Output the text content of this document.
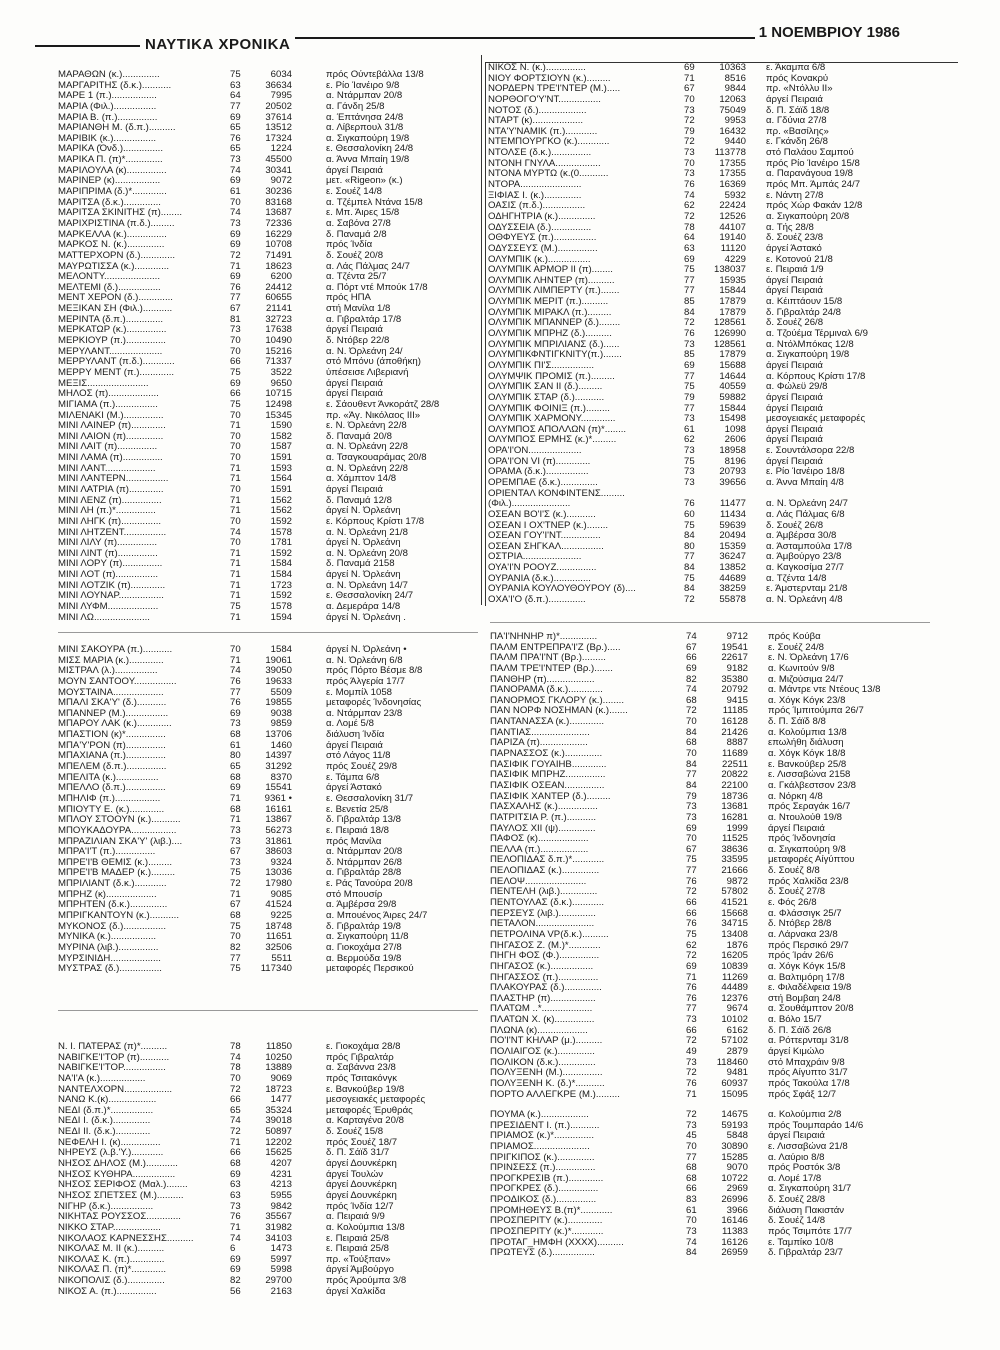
ΝΑΥΤΙΚΑ ΧΡΟΝΙΚΑ
1 ΝΟΕΜΒΡΙΟΥ 1986
ΜΑΡΑΘΩΝ (κ.)..............	75	6034	πρός Ούντεβάλλα 13/8
ΜΑΡΓΑΡΙΤΗΣ (δ.κ.)...........	63	36634	ε. Ρίο Ίανέιρο 9/8
ΜΑΡΕ 1 (π.).................	64	7995	α. Ντάρμπαν 20/8
ΜΑΡΙΑ (Φιλ.)................	77	20502	α. Γάνδη 25/8
ΜΑΡΙΑ Β. (π.)...............	69	37614	α. Έπτάνησα 24/8
ΜΑΡΙΑΝΘΗ Μ. (δ.π.)..........	65	13512	α. Λίβερπουλ 31/8
ΜΑΡΙΒΙΚ (κ.)................	76	17324	α. Σιγκαπούρη 19/8
ΜΑΡΙΚΑ (Όνδ.)...............	65	1224	ε. Θεσσαλονίκη 24/8
ΜΑΡΙΚΑ Π. (π)*..............	73	45500	α. Άννα Μπαίη 19/8
ΜΑΡΙΛΟΥΛΑ (κ)...............	74	30341	άργεί Πειραιά
ΜΑΡΙΝΕΡ (κ).................	69	9072	μετ. «Rigeon» (κ.)
ΜΑΡΙΠΡΙΜΑ (δ.)*.............	61	30236	ε. Σουέζ 14/8
ΜΑΡΙΤΣΑ (δ.κ.)..............	70	83168	α. Τζέμπελ Ντάνα 15/8
ΜΑΡΙΤΣΑ ΣΚΙΝΙΤΗΣ (π)........	74	13687	ε. Μπ. Άιρες 15/8
ΜΑΡΙΧΡΙΣΤΙΝΑ (π.δ.).........	73	72336	α. Σαβόνα 27/8
ΜΑΡΚΕΛΛΑ (κ.)...............	69	16229	δ. Παναμά 2/8
ΜΑΡΚΟΣ Ν. (κ.)..............	69	10708	πρός Ίνδία
ΜΑΤΤΕΡΧΟΡΝ (δ.).............	72	71491	δ. Σουέζ 20/8
ΜΑΥΡΩΤΙΣΣΑ (κ.).............	71	18623	α. Λάς Πάλμας 24/7
ΜΕΛΟΝΤΥ.....................	69	6200	α. Τζέντα 25/7
ΜΕΛΤΕΜΙ (δ.)................	76	24412	α. Πόρτ ντέ Μπούκ 17/8
ΜΕΝΤ ΧΕΡΟΝ (δ.).............	77	60655	πρός ΗΠΑ
ΜΕΞΙΚΑΝ ΣΗ (Φιλ.)...........	67	21141	στή Μανίλα 1/8
ΜΕΡΙΝΤΑ (δ.π.)..............	81	32723	α. Γιβραλτάρ 17/8
ΜΕΡΚΑΤΩΡ (κ.)...............	73	17638	άργεί Πειραιά
ΜΕΡΚΙΟΥΡ (π.)...............	70	10490	δ. Ντόβερ 22/8
ΜΕΡΥΛΑΝΤ....................	70	15216	α. Ν. Όρλεάνη 24/
ΜΕΡΡΥΛΑΝΤ (π.δ.)............	66	71337	στό Μπόνυ (άποθήκη)
ΜΕΡΡΥ ΜΕΝΤ (π.).............	75	3522	ύπέσεισε Λιβεριανή
ΜΕΞΙΣ.......................	69	9650	άργεί Πειραιά
ΜΗΛΟΣ (π)...................	66	10715	άργεί Πειραιά
ΜΙΓΙΑΜΑ (π.)................	75	12498	ε. Σάουθεντ Άνκοράτζ 28/8
ΜΙΛΕΝΑΚΙ (Μ.)...............	70	15345	πρ. «Άγ. Νικόλαος ΙΙΙ»
ΜΙΝΙ ΛΑΪΝΕΡ (π).............	71	1590	ε. Ν. Όρλεάνη 22/8
ΜΙΝΙ ΛΑΪΟΝ (π)..............	70	1582	δ. Παναμά 20/8
ΜΙΝΙ ΛΑΪΤ (π)...............	70	1587	α. Ν. Όρλεάνη 22/8
ΜΙΝΙ ΛΑΜΑ (π)...............	70	1591	α. Τσαγκουαράμας 20/8
ΜΙΝΙ ΛΑΝΤ...................	71	1593	α. Ν. Όρλεάνη 22/8
ΜΙΝΙ ΛΑΝΤΕΡΝ................	71	1564	α. Χάμπτον 14/8
ΜΙΝΙ ΛΑΤΡΙΑ (π).............	70	1591	άργεί Πειραιά
ΜΙΝΙ ΛΕΝΖ (π)...............	71	1562	δ. Παναμά 12/8
ΜΙΝΙ ΛΗ (π.)*...............	71	1562	άργεί Ν. Όρλεάνη
ΜΙΝΙ ΛΗΓΚ (π)...............	70	1592	ε. Κόρπους Κρίστι 17/8
ΜΙΝΙ ΛΗΤΖΕΝΤ................	74	1578	α. Ν. Όρλεάνη 21/8
ΜΙΝΙ ΛΙΛΥ (π)...............	70	1781	άργεί Ν. Όρλεάνη
ΜΙΝΙ ΛΙΝΤ (π)...............	71	1592	α. Ν. Όρλεάνη 20/8
ΜΙΝΙ ΛΟΡΥ (π)...............	71	1584	δ. Παναμά 2158
ΜΙΝΙ ΛΟΤ (π)................	71	1584	άργεί Ν. Όρλεάνη
ΜΙΝΙ ΛΟΤΖΙΚ (π).............	71	1723	α. Ν. Όρλεάνη 14/7
ΜΙΝΙ ΛΟΥΝΑΡ.................	71	1592	ε. Θεσσαλονίκη 24/7
ΜΙΝΙ ΛΥΦΜ...................	75	1578	α. Δεμεράρα 14/8
ΜΙΝΙ ΛΩ.....................	71	1594	άργεί Ν. Όρλεάνη .
ΜΙΝΙ ΣΑΚΟΥΡΑ (π.)...........	70	1584	άργεί Ν. Όρλεάνη •
ΜΙΣΣ ΜΑΡΙΑ (κ.).............	71	19061	α. Ν. Όρλεάνη 6/8
ΜΙΣΤΡΑΛ (λ.)................	74	39050	πρός Πόρτο Βέσμε 8/8
ΜΟΥΝ ΣΑΝΤΟΟΥ................	76	19633	πρός Άλγερία 17/7
ΜΟΥΣΤΑΙΝΑ...................	77	5509	ε. Μομπίλ 1058
ΜΠΑΛΙ ΣΚΑ'Υ' (δ.)...........	76	19855	μεταφορές Ίνδονησίας
ΜΠΑΝΝΕΡ (Μ.)................	69	9038	α. Ντάρμπαν 23/8
ΜΠΑΡΟΥ ΛΑΚ (κ.).............	73	9859	α. Λομέ 5/8
ΜΠΑΣΤΙΟΝ (κ)*...............	68	13706	διάλυση Ίνδία
ΜΠΑ'Υ'ΡΟΝ (π)...............	61	1460	άργεί Πειραιά
ΜΠΑΧΙΑΝΑ (π.)...............	80	14397	στό Λάγος 11/8
ΜΠΕΛΕΜ (δ.π.)...............	65	31292	πρός Σουέζ 29/8
ΜΠΕΛΙΤΑ (κ.)................	68	8370	ε. Τάμπα 6/8
ΜΠΕΛΛΟ (δ.π.)...............	69	15541	άργεί Άστακό
ΜΠΗΛΙΦ (π.).................	71	9361 •	ε. Θεσσαλονίκη 31/7
ΜΠΙΟΥΤΥ Ε. (κ.).............	68	16161	ε. Βενετία 25/8
ΜΠΛΟΥ ΣΤΟΟΥΝ (κ.)...........	71	13867	δ. Γιβραλτάρ 13/8
ΜΠΟΥΚΑΔΟΥΡΑ.................	73	56273	ε. Πειραιά 18/8
ΜΠΡΑΖΙΛΙΑΝ ΣΚΑ'Υ' (λιβ.)....	73	31861	πρός Μανίλα
ΜΠΡΑ'Ι'Τ (π.)...............	67	38603	α. Ντάρμπαν 20/8
ΜΠΡΕ'Ι'Β ΘΕΜΙΣ (κ.).........	73	9324	δ. Ντάρμπαν 26/8
ΜΠΡΕ'Ι'Β ΜΑΔΕΡ (κ.).........	75	13036	α. Γιβραλτάρ 28/8
ΜΠΡΙΛΙΑΝΤ (δ.κ.)............	72	17980	ε. Ράς Τανούρα 20/8
ΜΠΡΗΖ (κ)...................	71	9085	στό Μπουσίρ
ΜΠΡΗΤΕΝ (δ.κ.)..............	67	41524	α. Άμβέρσα 29/8
ΜΠΡΙΓΚΑΝΤΟΥΝ (κ.)...........	68	9225	α. Μπουένος Άιρες 24/7
ΜΥΚΟΝΟΣ (δ.)................	75	18748	δ. Γιβραλτάρ 19/8
ΜΥΝΙΚΑ (κ.).................	70	11651	α. Σιγκαπούρη 11/8
ΜΥΡΙΝΑ (λιβ.)...............	82	32506	α. Γιοκοχάμα 27/8
ΜΥΡΣΙΝΙΔΗ...................	77	5511	α. Βερμούδα 19/8
ΜΥΣΤΡΑΣ (δ.)................	75	117340	μεταφορές Περσικού
Ν. Ι. ΠΑΤΕΡΑΣ (π)*..........	78	11850	ε. Γιοκοχάμα 28/8
ΝΑΒΙΓΚΕ'Ι'ΤΟΡ (π)...........	74	10250	πρός Γιβραλτάρ
ΝΑΒΙΓΚΕ'Ι'ΤΟΡ................	78	13889	α. Σαβάννα 23/8
ΝΑ'Ι'Α (κ.).................	70	9069	πρός Τσιτακόνγκ
ΝΑΝΤΕΛΧΟΡΝ..................	72	18723	ε. Βανκούβερ 19/8
ΝΑΝΩ Κ.(κ)..................	66	1477	μεσογειακές μεταφορές
ΝΕΔΙ (δ.π.)*................	65	35324	μεταφορές Έρυθράς
ΝΕΔΙ Ι. (δ.κ.)..............	74	39018	α. Καρταγένα 20/8
ΝΕΔΙ ΙΙ. (δ.κ.).............	72	50897	δ. Σουέζ 15/8
ΝΕΦΕΛΗ Ι. (κ)...............	71	12202	πρός Σουέζ 18/7
ΝΗΡΕΥΣ (λ.β.'Υ.)............	66	15625	δ. Π. Σάϊδ 31/7
ΝΗΣΟΣ ΔΗΛΟΣ (Μ.)............	68	4207	άργεί Δουνκέρκη
ΝΗΣΟΣ ΚΥΘΗΡΑ................	69	4231	άργεί Τουλών
ΝΗΣΟΣ ΣΕΡΙΦΟΣ (Μαλ.)........	63	4213	άργεί Δουνκέρκη
ΝΗΣΟΣ ΣΠΕΤΣΕΣ (Μ.)..........	63	5955	άργεί Δουνκέρκη
ΝΙΓΗΡ (δ.κ.)................	73	9842	πρός Ίνδία 12/7
ΝΙΚΗΤΑΣ ΡΟΥΣΣΟΣ.............	76	35567	α. Πειραιά 9/9
ΝΙΚΚΟ ΣΤΑΡ..................	71	31982	α. Κολούμπια 13/8
ΝΙΚΟΛΑΟΣ ΚΑΡΝΕΣΣΗΣ..........	74	34103	ε. Πειραιά 25/8
ΝΙΚΟΛΑΣ Μ. ΙΙ (κ.)..........	6	1473	ε. Πειραιά 25/8
ΝΙΚΟΛΑΣ Κ. (π.).............	69	5997	πρ. «Τούξπαν»
ΝΙΚΟΛΑΣ Π. (π)*.............	69	5998	άργεί Άμβούργο
ΝΙΚΟΠΟΛΙΣ (δ.)..............	82	29700	πρός Άρούμπα 3/8
ΝΙΚΟΣ Α. (π.)...............	56	2163	άργεί Χαλκίδα
ΝΙΚΟΣ Ν. (κ.)...............	69	10363 ε. Άκαμπα 6/8
ΝΙΟΥ ΦΟΡΤΣΙΟΥΝ (κ.).........	71	8516 πρός Κονακρύ
ΝΟΡΔΕΡΝ ΤΡΕ'Ι'ΝΤΕΡ (Μ.).....	67	9844 πρ. «Ντόλλυ ΙΙ»
ΝΟΡΘΟΓΟ'Υ'ΝΤ................	70	12063 άργεί Πειραιά
ΝΟΤΟΣ (δ.)..................	73	75049 δ. Π. Σάϊδ 18/8
ΝΤΑΡΤ (κ)...................	72	9953 α. Γδύνια 27/8
ΝΤΑ'Υ'ΝΑΜΙΚ (π.)............	79	16432 πρ. «Βασίλης»
ΝΤΕΜΠΟΥΡΓΚΟ (κ.)............	72	9440 ε. Γκάνδη 26/8
ΝΤΟΛΣΕ (δ.κ.)...............	73	113778 στό Παλάου Σαμπού
ΝΤΟΝΗ ΓΝΥΛΑ.................	70	17355 πρός Ρίο Ίανέιρο 15/8
ΝΤΟΝΑ ΜΥΡΤΩ (κ.(0...........	73	17355 α. Παρανάγουα 19/8
ΝΤΟΡΑ.......................	76	16369 πρός Μπ. Άμπάς 24/7
ΞΙΦΙΑΣ Ι. (κ.)..............	74	5932 ε. Νάντη 27/8
ΟΑΣΙΣ (π.δ.)................	62	22424 πρός Χώρ Φακάν 12/8
ΟΔΗΓΗΤΡΙΑ (κ.)..............	72	12526 α. Σιγκαπούρη 20/8
ΟΔΥΣΣΕΙΑ (δ.)...............	78	44107 α. Τής 28/8
ΟΘΦΥΕΥΣ (π.)................	64	19140 δ. Σουέζ 23/8
ΟΔΥΣΣΕΥΣ (Μ.)...............	63	11120 άργεί Άστακό
ΟΛΥΜΠΙΚ (κ.)................	69	4229 ε. Κοτονού 21/8
ΟΛΥΜΠΙΚ ΑΡΜΟΡ ΙΙ (π)........	75	138037 ε. Πειραιά 1/9
ΟΛΥΜΠΙΚ ΛΗΝΤΕΡ (π)..........	77	15935 άργεί Πειραιά
ΟΛΥΜΠΙΚ ΛΙΜΠΕΡΤΥ (π.).......	77	15844 άργεί Πειραιά
ΟΛΥΜΠΙΚ ΜΕΡΙΤ (π.)..........	85	17879 α. Κέιπτάουν 15/8
ΟΛΥΜΠΙΚ ΜΙΡΑΚΛ (π.).........	84	17879 δ. Γιβραλτάρ 24/8
ΟΛΥΜΠΙΚ ΜΠΑΝΝΕΡ (δ.)........	72	128561 δ. Σουέζ 26/8
ΟΛΥΜΠΙΚ ΜΠΡΗΖ (δ.)..........	76	126990 α. Τζούέμα Τέρμιναλ 6/9
ΟΛΥΜΠΙΚ ΜΠΡΙΛΙΑΝΣ (δ.)......	73	128561 α. ΝτόλΜπόκας 12/8
ΟΛΥΜΠΙΚΦΝΤΙΓΚΝΙΤΥ(π.).......	85	17879 α. Σιγκαπούρη 19/8
ΟΛΥΜΠΙΚ ΠΙ'Σ................	69	15688 άργεί Πειραιά
ΟΛΥΜΨΙΚ ΠΡΟΜΙΣ (π.).........	77	14644 α. Κόρπους Κρίστι 17/8
ΟΛΥΜΠΙΚ ΣΑΝ ΙΙ (δ.).........	75	40559 α. Φώλεϋ 29/8
ΟΛΥΜΠΙΚ ΣΤΑΡ (δ.)...........	79	59882 άργεί Πειραιά
ΟΛΥΜΠΙΚ ΦΟΙΝΙΞ (π.).........	77	15844 άργεί Πειραιά
ΟΛΥΜΠΙΚ ΧΑΡΜΟΝΥ.............	73	15498 μεσογειακές μεταφορές
ΟΛΥΜΠΟΣ ΑΠΟΛΛΩΝ (π)*........	61	1098 άργεί Πειραιά
ΟΛΥΜΠΟΣ ΕΡΜΗΣ (κ.)*.........	62	2606 άργεί Πειραιά
ΟΡΑ'Ι'ΟΝ....................	73	18958 ε. Σουντάλσορα 22/8
ΟΡΑ'Ι'ΟΝ VI (π).............	75	8196 άργεί Πειραιά
ΟΡΑΜΑ (δ.κ.)................	73	20793 ε. Ρίο Ίανέιρο 18/8
ΟΡΕΜΠΑΕ (δ.κ.)..............	73	39656 α. Άννα Μπαίη 4/8
ΟΡΙΕΝΤΑΛ ΚΟΝΦΙΝΤΕΝΣ.........
(Φιλ.)......................	76	11477 α. Ν. Όρλεάνη 24/7
ΟΣΕΑΝ ΒΟ'Ι'Σ (κ.)...........	60	11434 α. Λάς Πάλμας 6/8
ΟΣΕΑΝ Ι ΟΧ'ΤΝΕΡ (κ.)........	75	59639 δ. Σουέζ 26/8
ΟΣΕΑΝ ΓΟΥ'Ι'ΝΤ...............	84	20494 α. Άμβέρσα 30/8
ΟΣΕΑΝ ΣΗΓΚΑΛ................	80	15359 α. Άσταμπούλα 17/8
ΟΣΤΡΙΑ......................	77	36247 α. Άμβούργο 23/8
ΟΥΑ'Ι'Ν ΡΟΟΥΖ...............	84	13852 α. Καγκοσίμα 27/7
ΟΥΡΑΝΙΑ (δ.κ.)..............	75	44689 α. Τζέντα 14/8
ΟΥΡΑΝΙΑ ΚΟΥΛΟΥΘΟΥΡΟΥ (δ)....	84	38259 ε. Άμστερνταμ 21/8
ΟΧΑ'Ι'Ο (δ.π.)..............	72	55878 α. Ν. Όρλεάνη 4/8
ΠΑ'Ι'ΝΗΝΗΡ π)*..............	74	9712 πρός Κούβα
ΠΑΛΜ ΕΝΤΡΕΠΡΑ'Ι'Ζ (Βρ.).....	67	19541 ε. Σουέζ 24/8
ΠΑΛΜ ΠΡΑ'Ι'ΝΤ (Βρ.).........	66	22617 ε. Ν. Όρλεάνη 17/6
ΠΑΛΜ ΤΡΕ'Ι'ΝΤΕΡ (Βρ.).......	69	9182 α. Κωνιτούν 9/8
ΠΑΝΘΗΡ (π)..................	82	35380 α. Μιζούσιμα 24/7
ΠΑΝΟΡΑΜΑ (δ.κ.).............	74	20792 α. Μάντρε ντε Ντέους 13/8
ΠΑΝΟΡΜΟΣ ΓΚΛΟΡΥ (κ.)........	68	9415 α. Χόγκ Κόγκ 23/8
ΠΑΝ ΝΟΡΦ ΝΟΣΗΜΑΝ (κ.).......	72	11185 πρός Ίμπιτούμπα 26/7
ΠΑΝΤΑΝΑΣΣΑ (κ.).............	70	16128 δ. Π. Σάϊδ 8/8
ΠΑΝΤΙΑΣ......................	84	21426 α. Κολούμπια 13/8
ΠΑΡΙΖΑ (π)..................	68	8887 επωλήθη διάλυση
ΠΑΡΝΑΣΣΟΣ (κ.)..............	70	11689 α. Χόγκ Κόγκ 18/8
ΠΑΣΙΦΙΚ ΓΟΥΑΙΗΒ.............	84	22511 ε. Βανκούβερ 25/8
ΠΑΣΙΦΙΚ ΜΠΡΗΖ...............	77	20822 ε. Λισσαβώνα 2158
ΠΑΣΙΦΙΚ ΟΣΕΑΝ...............	84	22100 α. Γκάλβεστσον 23/8
ΠΑΣΙΦΙΚ ΧΑΝΤΕΡ (δ.).........	79	18736 α. Νόρκη 4/8
ΠΑΣΧΑΛΗΣ (κ.)...............	73	13681 πρός Σεραγάκ 16/7
ΠΑΤΡΙΤΣΙΑ Ρ. (π.)...........	73	16281 α. Ντουλούθ 19/8
ΠΑΥΛΟΣ ΧΙΙ (ψ)..............	69	1999 άργεί Πειραιά
ΠΑΦΟΣ (κ)...................	70	11525 πρός Ίνδονησία
ΠΕΛΛΑ (π.)..................	67	38636 α. Σιγκαπούρη 9/8
ΠΕΛΟΠΙΔΑΣ δ.π.)*............	75	33595 μεταφορές Αίγύπτου
ΠΕΛΟΠΙΔΑΣ (κ.)..............	77	21666 δ. Σουέζ 8/8
ΠΕΛΟΨ.......................	76	9872 πρός Χαλκίδα 23/8
ΠΕΝΤΕΛΗ (λιβ.)..............	72	57802 δ. Σουέζ 27/8
ΠΕΝΤΟΥΛΑΣ (δ.κ.)............	66	41521 ε. Φός 26/8
ΠΕΡΣΕΥΣ (λιβ.)..............	66	15668 α. Φλάσσιγκ 25/7
ΠΕΤΑΛΟΝ......................	76	34715 δ. Ντόβερ 28/8
ΠΕΤΡΟΛΙΝΑ VΡ(δ.κ.)..........	75	13408 α. Λάρνακα 23/8
ΠΗΓΑΣΟΣ Ζ. (Μ.)*............	62	1876 πρός Περσικό 29/7
ΠΗΓΗ ΦΟΣ (Φ.)...............	72	16205 πρός Ίράν 26/6
ΠΗΓΑΣΟΣ (κ.)................	69	10839 α. Χόγκ Κόγκ 15/8
ΠΗΓΑΣΣΟΣ (π.)...............	71	11269 α. Βαλτιμόρη 17/8
ΠΛΑΚΟΥΡΑΣ (δ.)..............	76	44489 ε. Φιλαδέλφεια 19/8
ΠΛΑΣΤΗΡ (π).................	76	12376 στή Βομβαη 24/8
ΠΛΑΤΩΜ ..*...................	77	9674 α. Σουθάμπτον 20/8
ΠΛΑΤΩΝ Χ. (κ)...............	73	10102 α. Βόλο 15/7
ΠΛΩΝΑ (κ)...................	66	6162 δ. Π. Σάϊδ 26/8
ΠΟ'Ι'ΝΤ ΚΗΛΑΡ (μ.)..........	72	57102 α. Ρόττερνταμ 31/8
ΠΟΛΙΑΙΓΟΣ (κ.)..............	49	2879 άργεί Κιμώλο
ΠΟΛΙΚΟΝ (δ.κ.)..............	73	118460 στό Μπαχράιν 9/8
ΠΟΛΥΞΕΝΗ (Μ.)...............	72	9481 πρός Αίγυπτο 31/7
ΠΟΛΥΞΕΝΗ Κ. (δ.)*...........	76	60937 πρός Τακούλα 17/8
ΠΟΡΤΟ ΑΛΛΕΓΚΡΕ (Μ.).........	71	15095 πρός Σφάξ 12/7
ΠΟΥΜΑ (κ.)..................	72	14675 α. Κολούμπια 2/8
ΠΡΕΣΙΔΕΝΤ Ι. (π.)...........	73	59193 πρός Τουμπαράο 14/6
ΠΡΙΑΜΟΣ (κ.)*...............	45	5848 άργεί Πειραιά
ΠΡΙΑΜΟΣ.....................	70	30890 ε. Λισσαβώνα 21/8
ΠΡΙΓΚΙΠΟΣ (κ.)..............	77	15285 α. Λαύριο 8/8
ΠΡΙΝΣΕΣΣ (π.)...............	68	9070 πρός Ροστόκ 3/8
ΠΡΟΓΚΡΕΣΙΒ (π.).............	68	10722 α. Λομέ 17/8
ΠΡΟΓΚΡΕΣ (δ.)...............	66	2969 α. Σιγκαπούρη 31/7
ΠΡΟΔΙΚΟΣ (δ.)...............	83	26996 δ. Σουέζ 28/8
ΠΡΟΜΗΘΕΥΣ Β.(π)*............	61	3966 διάλυση Πακιστάν
ΠΡΟΣΠΕΡΙΤΥ (κ.).............	70	16146 δ. Σουέζ 14/8
ΠΡΟΣΠΕΡΙΤΥ (κ.)*............	73	11383 πρός Τσιμπότε 17/7
ΠΡΟΤΑΓ_ΗΜΦΗ (ΧΧΧΧ)..........	74	16126 ε. Ταμπίκο 10/8
ΠΡΩΤΕΥΣ (δ.)................	84	26959 δ. Γιβραλτάρ 23/7
